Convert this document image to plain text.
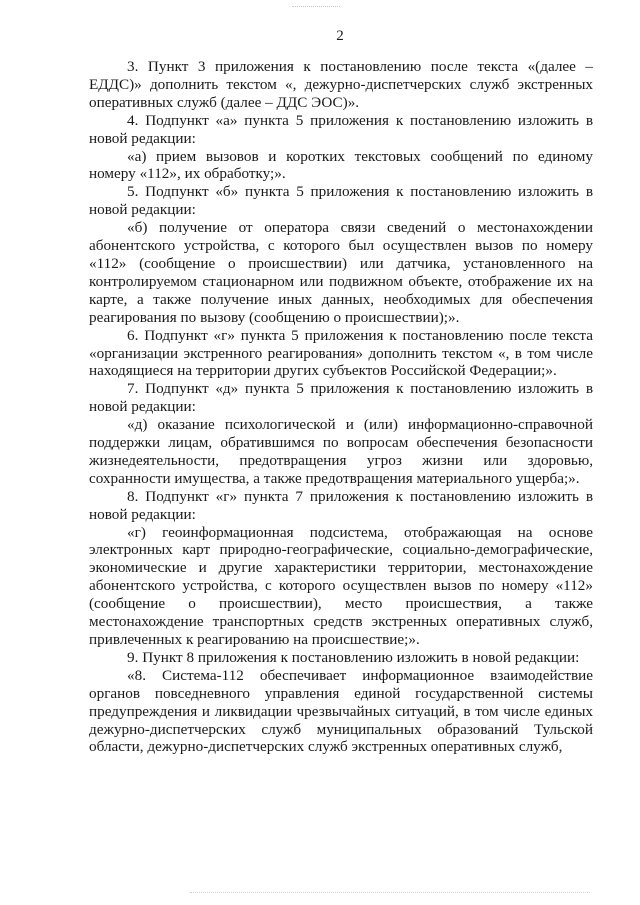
2

3. Пункт 3 приложения к постановлению после текста «(далее – ЕДДС)» дополнить текстом «, дежурно-диспетчерских служб экстренных оперативных служб (далее – ДДС ЭОС)».

4. Подпункт «а» пункта 5 приложения к постановлению изложить в новой редакции:

«а) прием вызовов и коротких текстовых сообщений по единому номеру «112», их обработку;».

5. Подпункт «б» пункта 5 приложения к постановлению изложить в новой редакции:

«б) получение от оператора связи сведений о местонахождении абонентского устройства, с которого был осуществлен вызов по номеру «112» (сообщение о происшествии) или датчика, установленного на контролируемом стационарном или подвижном объекте, отображение их на карте, а также получение иных данных, необходимых для обеспечения реагирования по вызову (сообщению о происшествии);».

6. Подпункт «г» пункта 5 приложения к постановлению после текста «организации экстренного реагирования» дополнить текстом «, в том числе находящиеся на территории других субъектов Российской Федерации;».

7. Подпункт «д» пункта 5 приложения к постановлению изложить в новой редакции:

«д) оказание психологической и (или) информационно-справочной поддержки лицам, обратившимся по вопросам обеспечения безопасности жизнедеятельности, предотвращения угроз жизни или здоровью, сохранности имущества, а также предотвращения материального ущерба;».

8. Подпункт «г» пункта 7 приложения к постановлению изложить в новой редакции:

«г) геоинформационная подсистема, отображающая на основе электронных карт природно-географические, социально-демографические, экономические и другие характеристики территории, местонахождение абонентского устройства, с которого осуществлен вызов по номеру «112» (сообщение о происшествии), место происшествия, а также местонахождение транспортных средств экстренных оперативных служб, привлеченных к реагированию на происшествие;».

9. Пункт 8 приложения к постановлению изложить в новой редакции:

«8. Система-112 обеспечивает информационное взаимодействие органов повседневного управления единой государственной системы предупреждения и ликвидации чрезвычайных ситуаций, в том числе единых дежурно-диспетчерских служб муниципальных образований Тульской области, дежурно-диспетчерских служб экстренных оперативных служб,
